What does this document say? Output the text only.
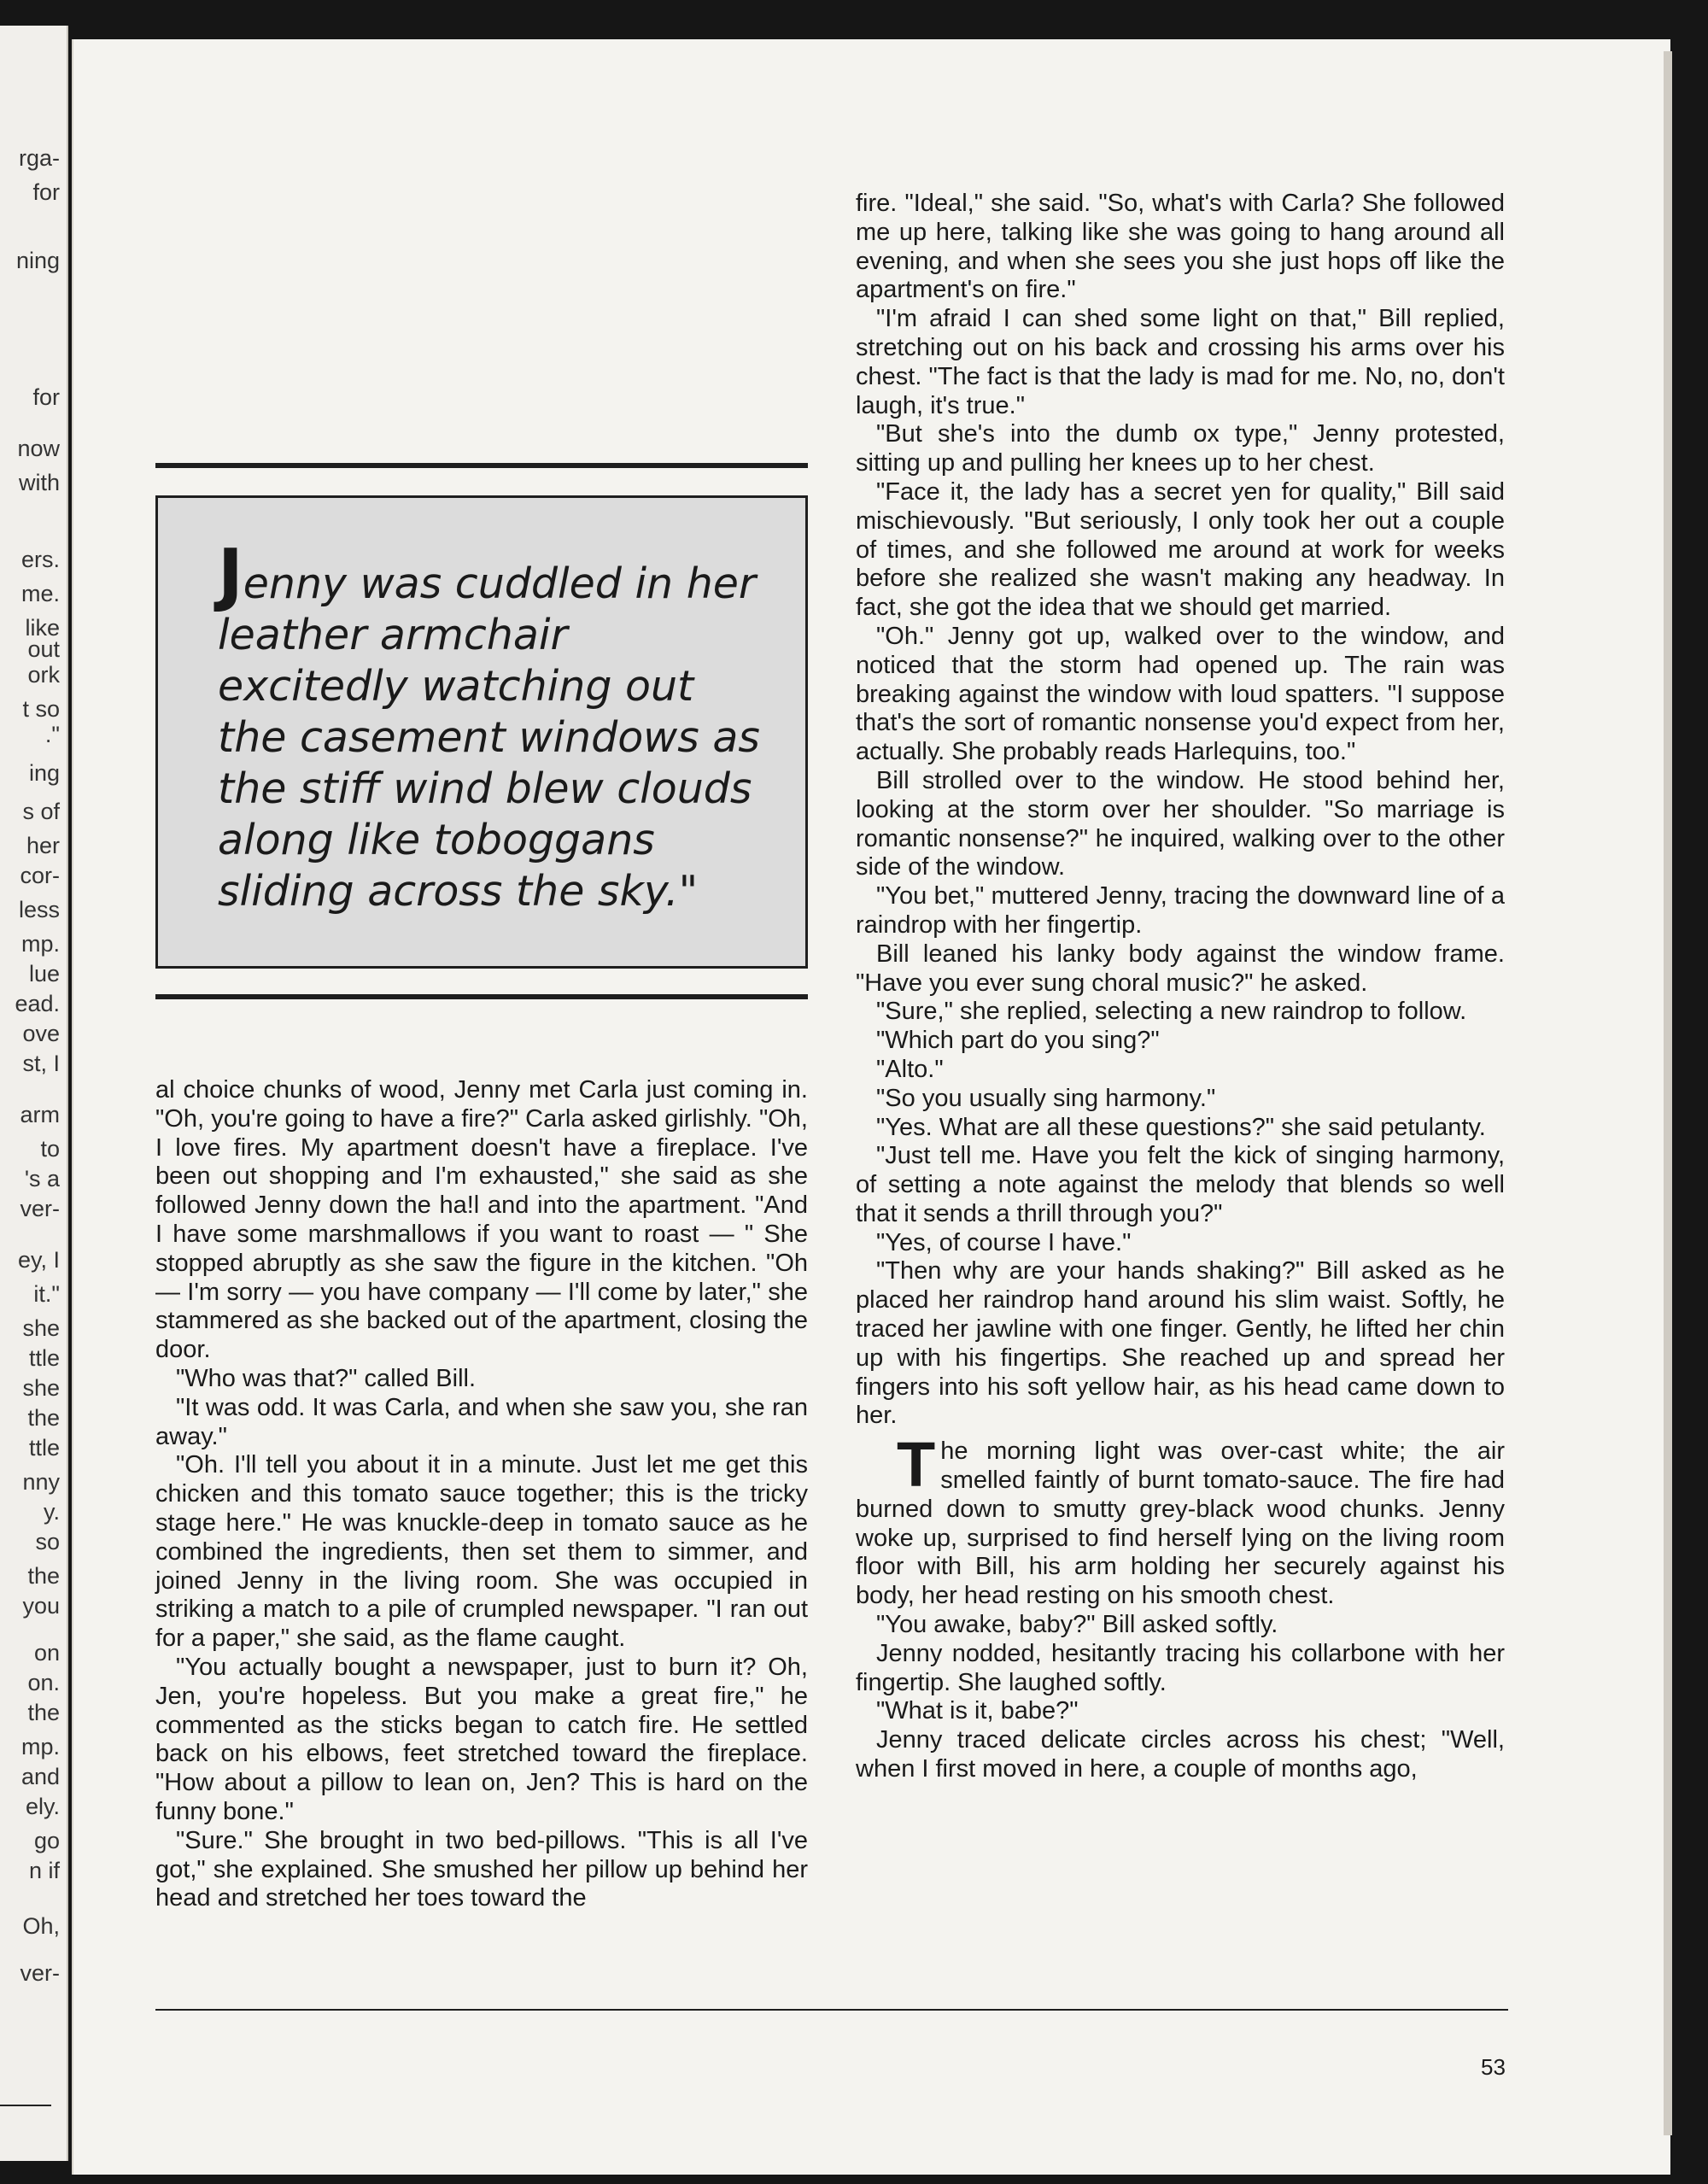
rga-
for
ning
for
now
with
ers.
me.
like
out
ork
t so
."
ing
s of
her
cor-
less
mp.
lue
ead.
ove
st, I
arm
to
's a
ver-
ey, I
it."
she
ttle
she
the
ttle
nny
y.
so
the
you
on
on.
the
mp.
and
ely.
go
n if
Oh,
ver-
Jenny was cuddled in her leather armchair excitedly watching out the casement windows as the stiff wind blew clouds along like toboggans sliding across the sky."

al choice chunks of wood, Jenny met Carla just coming in. "Oh, you're going to have a fire?" Carla asked girlishly. "Oh, I love fires. My apartment doesn't have a fireplace. I've been out shopping and I'm exhausted," she said as she followed Jenny down the ha!l and into the apartment. "And I have some marshmallows if you want to roast — " She stopped abruptly as she saw the figure in the kitchen. "Oh — I'm sorry — you have company — I'll come by later," she stammered as she backed out of the apartment, closing the door.

"Who was that?" called Bill.

"It was odd. It was Carla, and when she saw you, she ran away."

"Oh. I'll tell you about it in a minute. Just let me get this chicken and this tomato sauce together; this is the tricky stage here." He was knuckle-deep in tomato sauce as he combined the ingredients, then set them to simmer, and joined Jenny in the living room. She was occupied in striking a match to a pile of crumpled newspaper. "I ran out for a paper," she said, as the flame caught.

"You actually bought a newspaper, just to burn it? Oh, Jen, you're hopeless. But you make a great fire," he commented as the sticks began to catch fire. He settled back on his elbows, feet stretched toward the fireplace. "How about a pillow to lean on, Jen? This is hard on the funny bone."

"Sure." She brought in two bed-pillows. "This is all I've got," she explained. She smushed her pillow up behind her head and stretched her toes toward the

fire. "Ideal," she said. "So, what's with Carla? She followed me up here, talking like she was going to hang around all evening, and when she sees you she just hops off like the apartment's on fire."

"I'm afraid I can shed some light on that," Bill replied, stretching out on his back and crossing his arms over his chest. "The fact is that the lady is mad for me. No, no, don't laugh, it's true."

"But she's into the dumb ox type," Jenny protested, sitting up and pulling her knees up to her chest.

"Face it, the lady has a secret yen for quality," Bill said mischievously. "But seriously, I only took her out a couple of times, and she followed me around at work for weeks before she realized she wasn't making any headway. In fact, she got the idea that we should get married.

"Oh." Jenny got up, walked over to the window, and noticed that the storm had opened up. The rain was breaking against the window with loud spatters. "I suppose that's the sort of romantic nonsense you'd expect from her, actually. She probably reads Harlequins, too."

Bill strolled over to the window. He stood behind her, looking at the storm over her shoulder. "So marriage is romantic nonsense?" he inquired, walking over to the other side of the window.

"You bet," muttered Jenny, tracing the downward line of a raindrop with her fingertip.

Bill leaned his lanky body against the window frame. "Have you ever sung choral music?" he asked.

"Sure," she replied, selecting a new raindrop to follow.

"Which part do you sing?"

"Alto."

"So you usually sing harmony."

"Yes. What are all these questions?" she said petulanty.

"Just tell me. Have you felt the kick of singing harmony, of setting a note against the melody that blends so well that it sends a thrill through you?"

"Yes, of course I have."

"Then why are your hands shaking?" Bill asked as he placed her raindrop hand around his slim waist. Softly, he traced her jawline with one finger. Gently, he lifted her chin up with his fingertips. She reached up and spread her fingers into his soft yellow hair, as his head came down to her.

The morning light was over-cast white; the air smelled faintly of burnt tomato-sauce. The fire had burned down to smutty grey-black wood chunks. Jenny woke up, surprised to find herself lying on the living room floor with Bill, his arm holding her securely against his body, her head resting on his smooth chest.

"You awake, baby?" Bill asked softly.

Jenny nodded, hesitantly tracing his collarbone with her fingertip. She laughed softly.

"What is it, babe?"

Jenny traced delicate circles across his chest; "Well, when I first moved in here, a couple of months ago,

53
